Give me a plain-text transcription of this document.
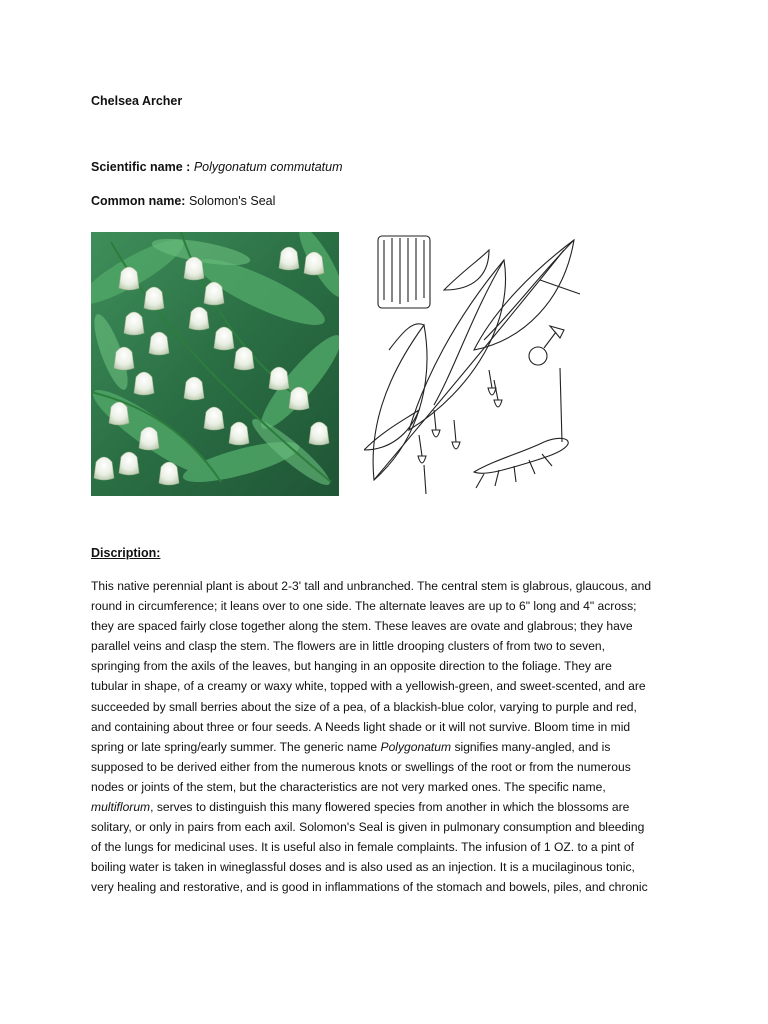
Chelsea Archer
Scientific name : Polygonatum commutatum
Common name: Solomon's Seal
Discription:
This native perennial plant is about 2-3' tall and unbranched. The central stem is glabrous, glaucous, and
round in circumference; it leans over to one side. The alternate leaves are up to 6" long and 4" across;
they are spaced fairly close together along the stem. These leaves are ovate and glabrous; they have
parallel veins and clasp the stem. The flowers are in little drooping clusters of from two to seven,
springing from the axils of the leaves, but hanging in an opposite direction to the foliage. They are
tubular in shape, of a creamy or waxy white, topped with a yellowish-green, and sweet-scented, and are
succeeded by small berries about the size of a pea, of a blackish-blue color, varying to purple and red,
and containing about three or four seeds. A Needs light shade or it will not survive. Bloom time in mid
spring or late spring/early summer. The generic name Polygonatum signifies many-angled, and is
supposed to be derived either from the numerous knots or swellings of the root or from the numerous
nodes or joints of the stem, but the characteristics are not very marked ones. The specific name,
multiflorum, serves to distinguish this many flowered species from another in which the blossoms are
solitary, or only in pairs from each axil. Solomon's Seal is given in pulmonary consumption and bleeding
of the lungs for medicinal uses. It is useful also in female complaints. The infusion of 1 OZ. to a pint of
boiling water is taken in wineglassful doses and is also used as an injection. It is a mucilaginous tonic,
very healing and restorative, and is good in inflammations of the stomach and bowels, piles, and chronic
